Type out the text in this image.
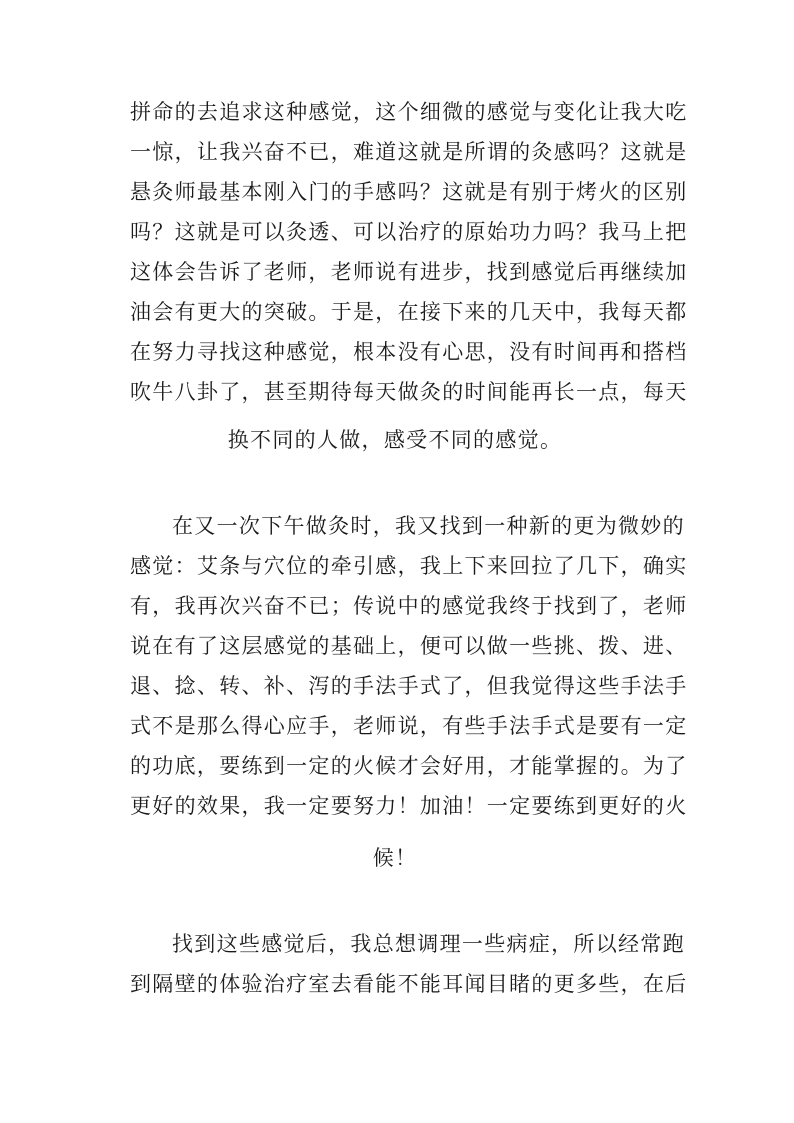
拼命的去追求这种感觉，这个细微的感觉与变化让我大吃
一惊，让我兴奋不已，难道这就是所谓的灸感吗？这就是
悬灸师最基本刚入门的手感吗？这就是有别于烤火的区别
吗？这就是可以灸透、可以治疗的原始功力吗？我马上把
这体会告诉了老师，老师说有进步，找到感觉后再继续加
油会有更大的突破。于是，在接下来的几天中，我每天都
在努力寻找这种感觉，根本没有心思，没有时间再和搭档
吹牛八卦了，甚至期待每天做灸的时间能再长一点，每天
换不同的人做，感受不同的感觉。
在又一次下午做灸时，我又找到一种新的更为微妙的
感觉：艾条与穴位的牵引感，我上下来回拉了几下，确实
有，我再次兴奋不已；传说中的感觉我终于找到了，老师
说在有了这层感觉的基础上，便可以做一些挑、拨、进、
退、捻、转、补、泻的手法手式了，但我觉得这些手法手
式不是那么得心应手，老师说，有些手法手式是要有一定
的功底，要练到一定的火候才会好用，才能掌握的。为了
更好的效果，我一定要努力！加油！一定要练到更好的火
候！
找到这些感觉后，我总想调理一些病症，所以经常跑
到隔壁的体验治疗室去看能不能耳闻目睹的更多些，在后
